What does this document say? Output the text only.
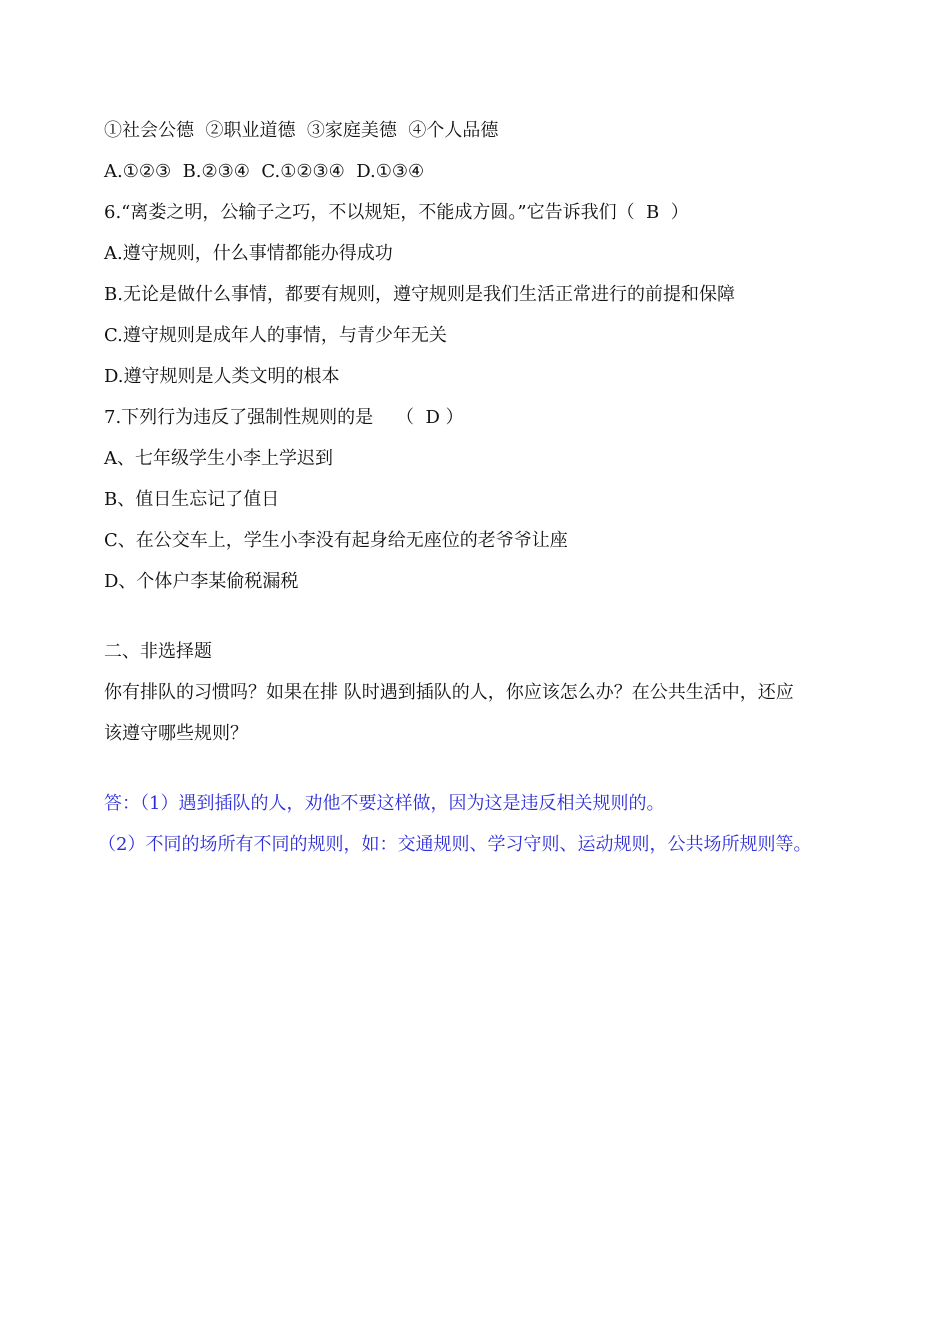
①社会公德  ②职业道德  ③家庭美德  ④个人品德
A.①②③  B.②③④  C.①②③④  D.①③④
6.“离娄之明，公输子之巧，不以规矩，不能成方圆。”它告诉我们（  B  ）
A.遵守规则，什么事情都能办得成功
B.无论是做什么事情，都要有规则，遵守规则是我们生活正常进行的前提和保障
C.遵守规则是成年人的事情，与青少年无关
D.遵守规则是人类文明的根本
7.下列行为违反了强制性规则的是    （  D ）
A、七年级学生小李上学迟到
B、值日生忘记了值日
C、在公交车上，学生小李没有起身给无座位的老爷爷让座
D、个体户李某偷税漏税
二、非选择题
你有排队的习惯吗？如果在排 队时遇到插队的人，你应该怎么办？在公共生活中，还应
该遵守哪些规则？
答：（1）遇到插队的人，劝他不要这样做，因为这是违反相关规则的。
（2）不同的场所有不同的规则，如：交通规则、学习守则、运动规则，公共场所规则等。
